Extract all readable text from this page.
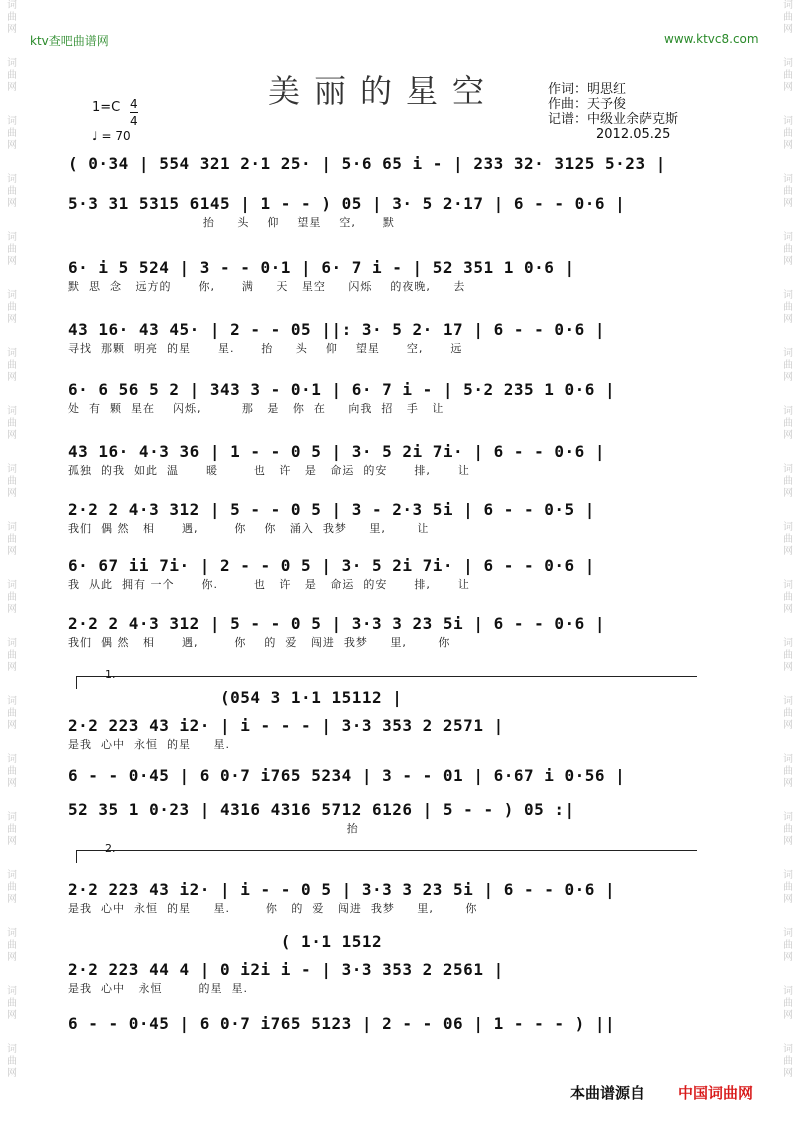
词
曲
网
词
曲
网
词
曲
网
词
曲
网
词
曲
网
词
曲
网
词
曲
网
词
曲
网
词
曲
网
词
曲
网
词
曲
网
词
曲
网
词
曲
网
词
曲
网
词
曲
网
词
曲
网
词
曲
网
词
曲
网
词
曲
网
词
曲
网
词
曲
网
词
曲
网
词
曲
网
词
曲
网
词
曲
网
词
曲
网
词
曲
网
词
曲
网
词
曲
网
词
曲
网
词
曲
网
词
曲
网
词
曲
网
词
曲
网
词
曲
网
词
曲
网
词
曲
网
词
曲
网
ktv查吧曲谱网	www.ktvc8.com
美丽的星空	作词：明思红
作曲：天予俊
记谱：中级业余萨克斯
2012.05.25
$1=C \frac{4}{4}$
♩ = 70
1.
2.
( 0·34 | 554 321 2·1 25· | 5·6 65 i - | 233 32· 3125 5·23 |
5·3 31 5315 6145 | 1 - - ) 05 | 3· 5 2·17 | 6 - - 0·6 |
抬     头    仰    望星    空,      默
6· i 5 524 | 3 - - 0·1 | 6· 7 i - | 52 351 1 0·6 |
默  思  念   远方的      你,      满     天   星空     闪烁    的夜晚,     去
43 16· 43 45· | 2 - - 05 ||: 3· 5 2· 17 | 6 - - 0·6 |
寻找  那颗  明亮  的星      星.      抬     头    仰    望星      空,      远
6· 6 56 5 2 | 343 3 - 0·1 | 6· 7 i - | 5·2 235 1 0·6 |
处  有  颗  星在    闪烁,         那   是   你  在     向我  招   手   让
43 16· 4·3 36 | 1 - - 0 5 | 3· 5 2i 7i· | 6 - - 0·6 |
孤独  的我  如此  温      暖        也   许   是   命运  的安      排,      让
2·2 2 4·3 312 | 5 - - 0 5 | 3 - 2·3 5i | 6 - - 0·5 |
我们  偶 然   相      遇,        你    你   涌入  我梦     里,       让
6· 67 ii 7i· | 2 - - 0 5 | 3· 5 2i 7i· | 6 - - 0·6 |
我  从此  拥有 一个      你.        也   许   是   命运  的安      排,      让
2·2 2 4·3 312 | 5 - - 0 5 | 3·3 3 23 5i | 6 - - 0·6 |
我们  偶 然   相      遇,        你    的  爱   闯进  我梦     里,       你
(054 3 1·1 15112 |
2·2 223 43 i2· | i - - - | 3·3 353 2 2571 |
是我  心中  永恒  的星     星.
6 - - 0·45 | 6 0·7 i765 5234 | 3 - - 01 | 6·67 i 0·56 |
52 35 1 0·23 | 4316 4316 5712 6126 | 5 - - ) 05 :|
抬
2·2 223 43 i2· | i - - 0 5 | 3·3 3 23 5i | 6 - - 0·6 |
是我  心中  永恒  的星     星.        你   的  爱   闯进  我梦     里,       你
( 1·1 1512
2·2 223 44 4 | 0 i2i i - | 3·3 353 2 2561 |
是我  心中   永恒        的星  星.
6 - - 0·45 | 6 0·7 i765 5123 | 2 - - 06 | 1 - - - ) ||
本曲谱源自 中国词曲网
